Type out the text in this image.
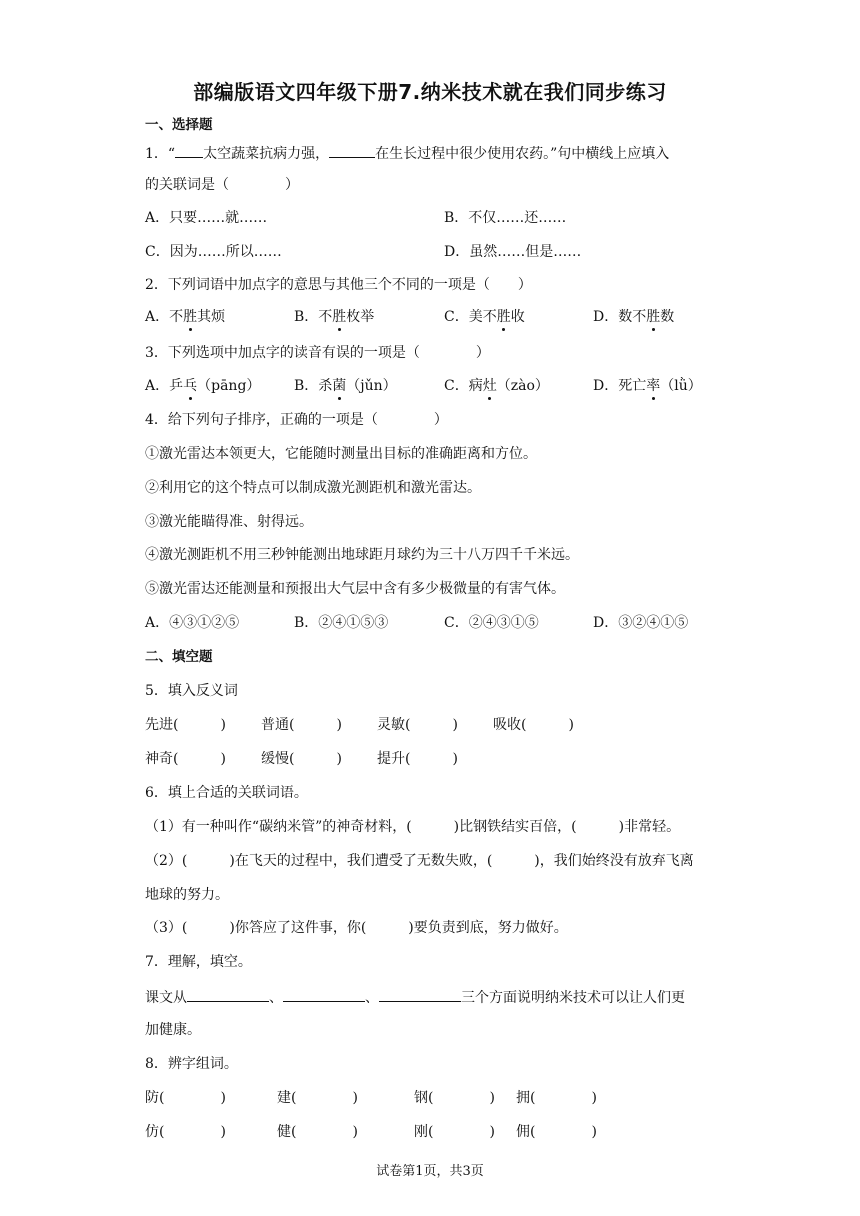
部编版语文四年级下册7.纳米技术就在我们同步练习
一、选择题
1．“ 太空蔬菜抗病力强，	在生长过程中很少使用农药。”句中横线上应填入
的关联词是（　　　　）
A．只要……就……	B．不仅……还……
C．因为……所以……	D．虽然……但是……
2．下列词语中加点字的意思与其他三个不同的一项是（　　）
A．不胜其烦	B．不胜枚举	C．美不胜收	D．数不胜数
3．下列选项中加点字的读音有误的一项是（　　　　）
A．乒乓（pāng） B．杀菌（jǔn）	C．病灶（zào）	D．死亡率（lǜ）
4．给下列句子排序，正确的一项是（　　　　）
①激光雷达本领更大，它能随时测量出目标的准确距离和方位。
②利用它的这个特点可以制成激光测距机和激光雷达。
③激光能瞄得准、射得远。
④激光测距机不用三秒钟能测出地球距月球约为三十八万四千千米远。
⑤激光雷达还能测量和预报出大气层中含有多少极微量的有害气体。
A．④③①②⑤	B．②④①⑤③	C．②④③①⑤	D．③②④①⑤
二、填空题
5．填入反义词
先进(　　　)	普通(　　　)	灵敏(　　　)	吸收(　　　)
神奇(　　　)	缓慢(　　　)	提升(　　　)
6．填上合适的关联词语。
（1）有一种叫作“碳纳米管”的神奇材料，(　　　)比钢铁结实百倍，(　　　)非常轻。
（2）(　　　)在飞天的过程中，我们遭受了无数失败，(　　　)，我们始终没有放弃飞离
地球的努力。
（3）(　　　)你答应了这件事，你(　　　)要负责到底，努力做好。
7．理解，填空。
课文从	、	、	三个方面说明纳米技术可以让人们更
加健康。
8．辨字组词。
防(　　　　)	建(　　　　)	钢(　　　　) 拥(　　　　)
仿(　　　　)	健(　　　　)	刚(　　　　) 佣(　　　　)
试卷第1页，共3页
